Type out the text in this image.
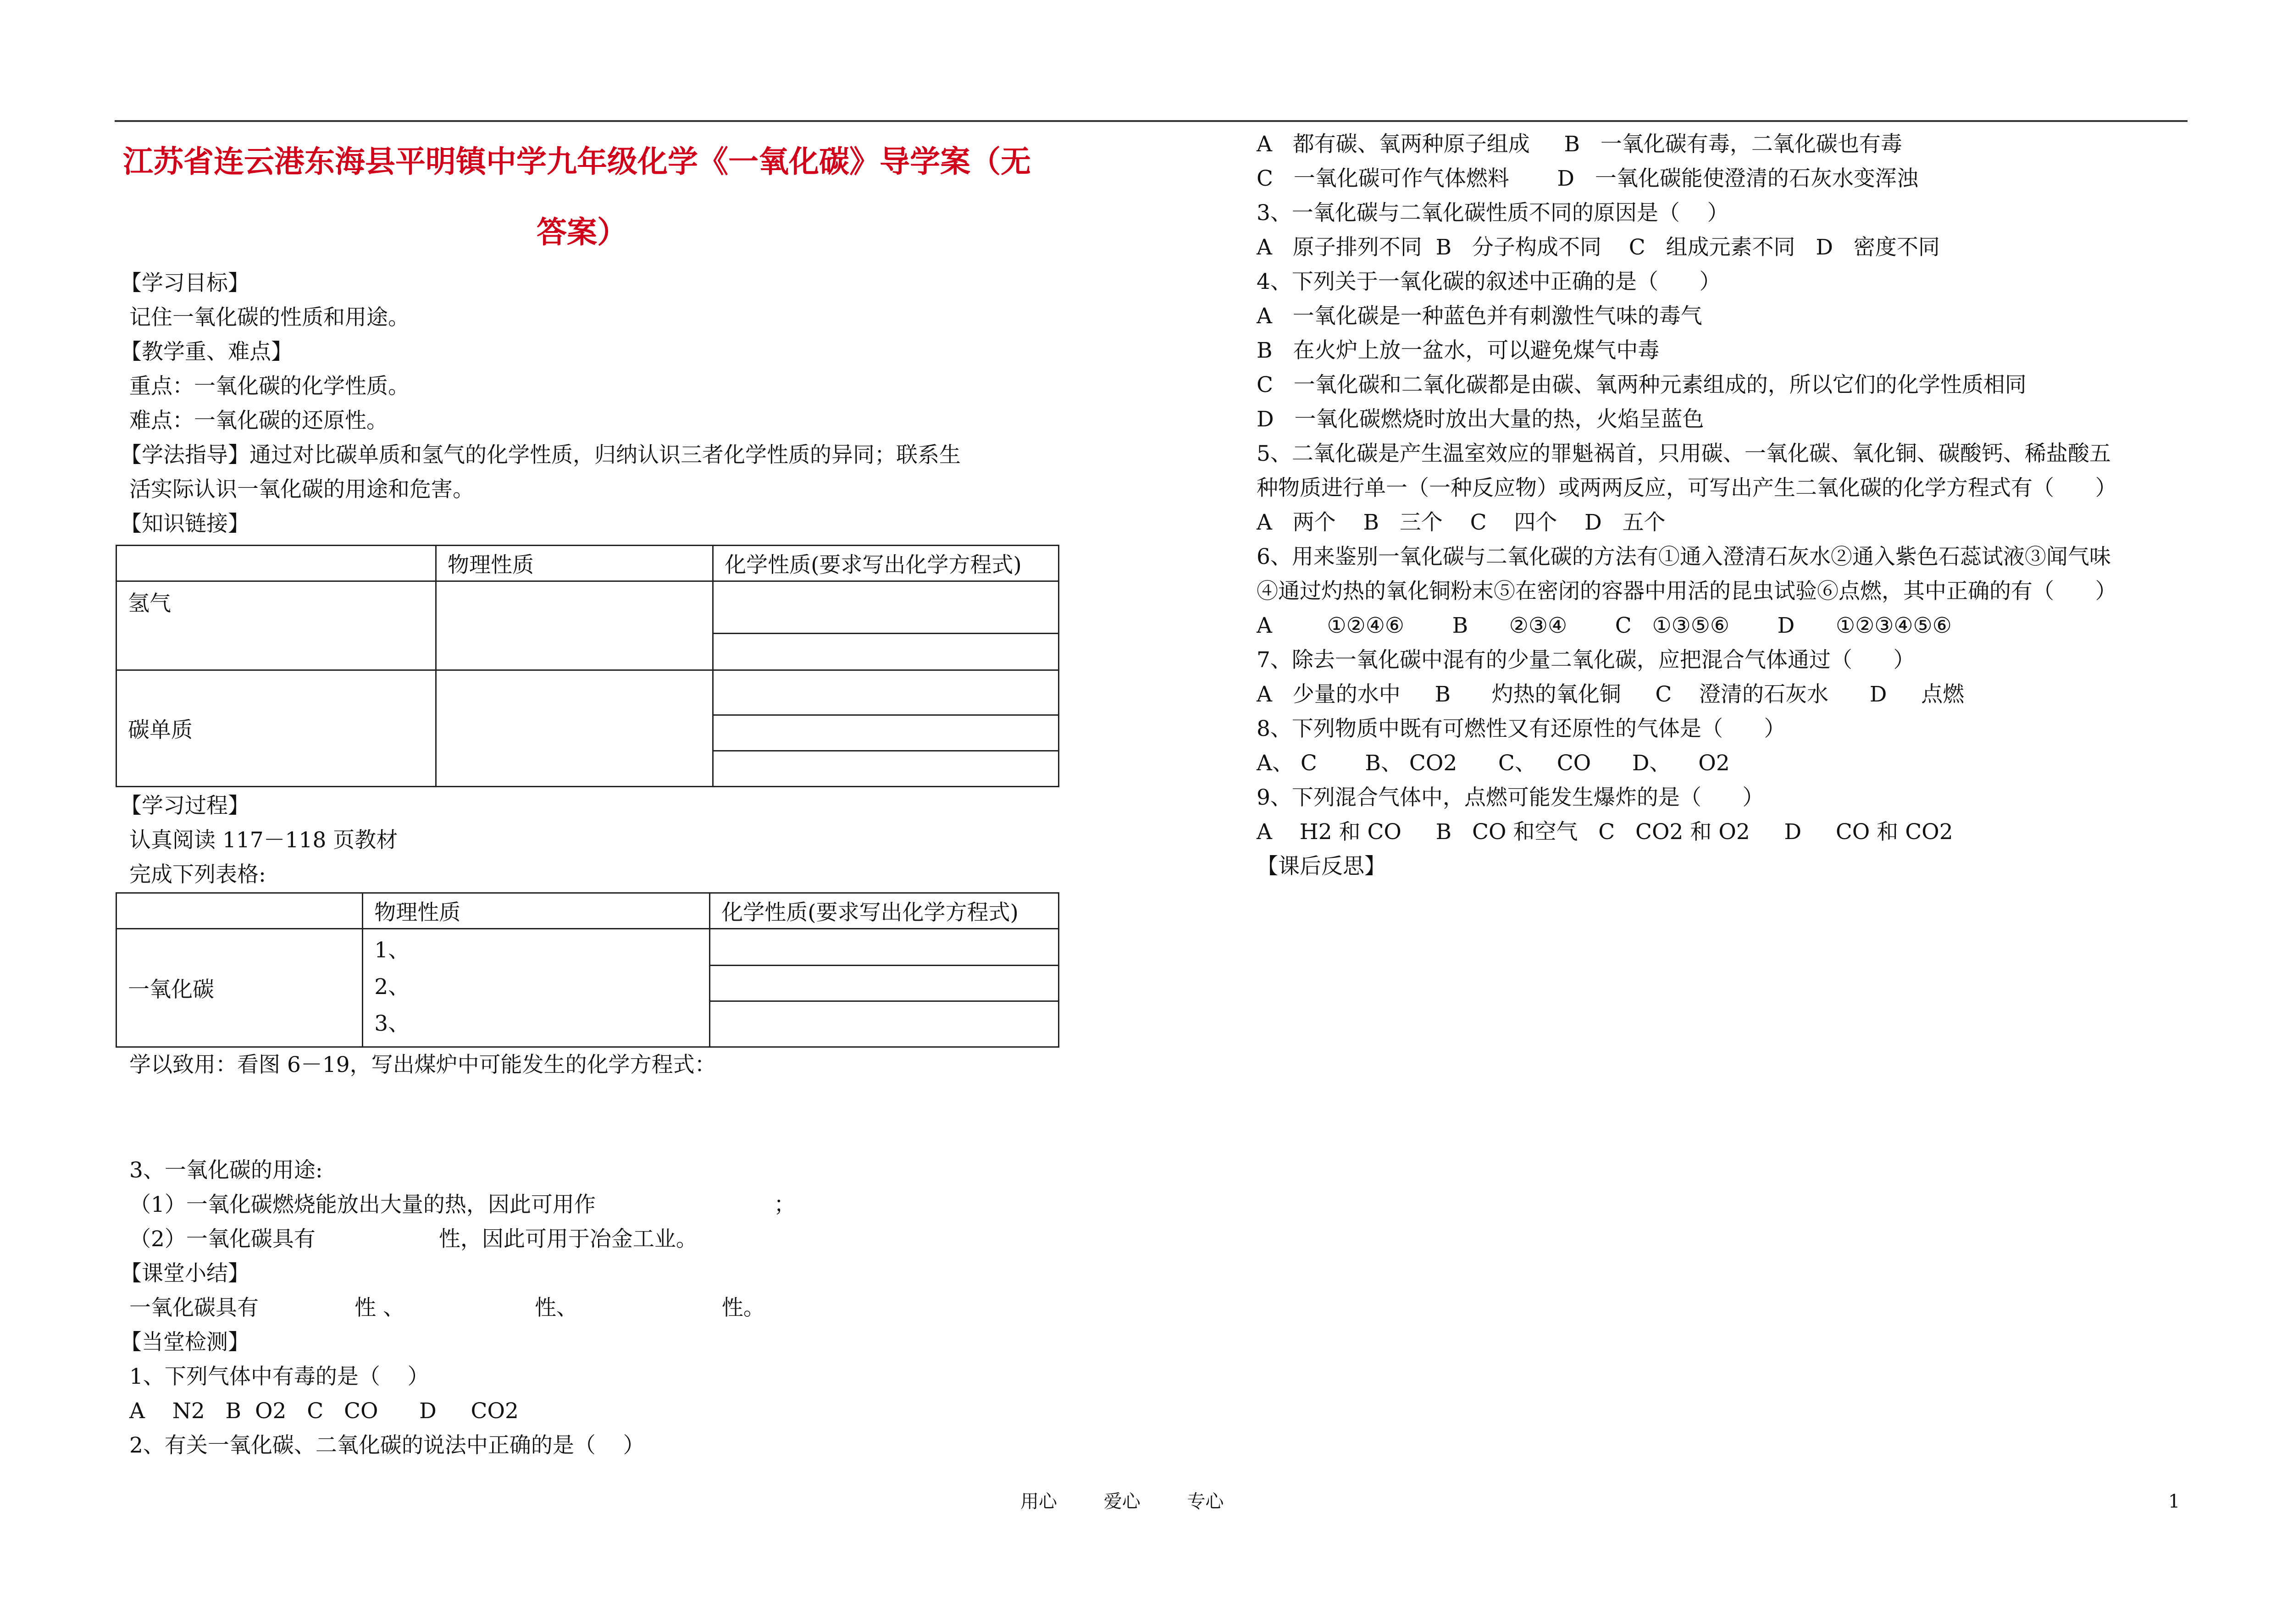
江苏省连云港东海县平明镇中学九年级化学《一氧化碳》导学案（无
答案）
【学习目标】
记住一氧化碳的性质和用途。
【教学重、难点】
重点：一氧化碳的化学性质。
难点：一氧化碳的还原性。
【学法指导】通过对比碳单质和氢气的化学性质，归纳认识三者化学性质的异同；联系生
活实际认识一氧化碳的用途和危害。
【知识链接】
	物理性质	化学性质(要求写出化学方程式)
氢气		

碳单质		

【学习过程】
认真阅读 117－118 页教材
完成下列表格:
	物理性质	化学性质(要求写出化学方程式)
一氧化碳	1、
2、
3、	

学以致用：看图 6－19，写出煤炉中可能发生的化学方程式：
3、一氧化碳的用途:
（1）一氧化碳燃烧能放出大量的热，因此可用作                          ；
（2）一氧化碳具有                  性，因此可用于冶金工业。
【课堂小结】
一氧化碳具有              性 、                   性、                     性。
【当堂检测】
1、下列气体中有毒的是（    ）
A    N2   B  O2   C   CO      D     CO2
2、有关一氧化碳、二氧化碳的说法中正确的是（    ）
A   都有碳、氧两种原子组成     B   一氧化碳有毒，二氧化碳也有毒
C   一氧化碳可作气体燃料       D   一氧化碳能使澄清的石灰水变浑浊
3、一氧化碳与二氧化碳性质不同的原因是（    ）
A   原子排列不同  B   分子构成不同    C   组成元素不同   D   密度不同
4、下列关于一氧化碳的叙述中正确的是（      ）
A   一氧化碳是一种蓝色并有刺激性气味的毒气
B   在火炉上放一盆水，可以避免煤气中毒
C   一氧化碳和二氧化碳都是由碳、氧两种元素组成的，所以它们的化学性质相同
D   一氧化碳燃烧时放出大量的热，火焰呈蓝色
5、二氧化碳是产生温室效应的罪魁祸首，只用碳、一氧化碳、氧化铜、碳酸钙、稀盐酸五
种物质进行单一（一种反应物）或两两反应，可写出产生二氧化碳的化学方程式有（      ）
A   两个    B   三个    C    四个    D   五个
6、用来鉴别一氧化碳与二氧化碳的方法有①通入澄清石灰水②通入紫色石蕊试液③闻气味
④通过灼热的氧化铜粉末⑤在密闭的容器中用活的昆虫试验⑥点燃，其中正确的有（      ）
A        ①②④⑥       B      ②③④       C   ①③⑤⑥       D      ①②③④⑤⑥
7、除去一氧化碳中混有的少量二氧化碳，应把混合气体通过（      ）
A   少量的水中     B      灼热的氧化铜     C    澄清的石灰水      D     点燃
8、下列物质中既有可燃性又有还原性的气体是（      ）
A、 C       B、 CO2      C、   CO      D、    O2
9、下列混合气体中，点燃可能发生爆炸的是（      ）
A    H2 和 CO     B   CO 和空气   C   CO2 和 O2     D     CO 和 CO2
【课后反思】
用心        爱心        专心	1
